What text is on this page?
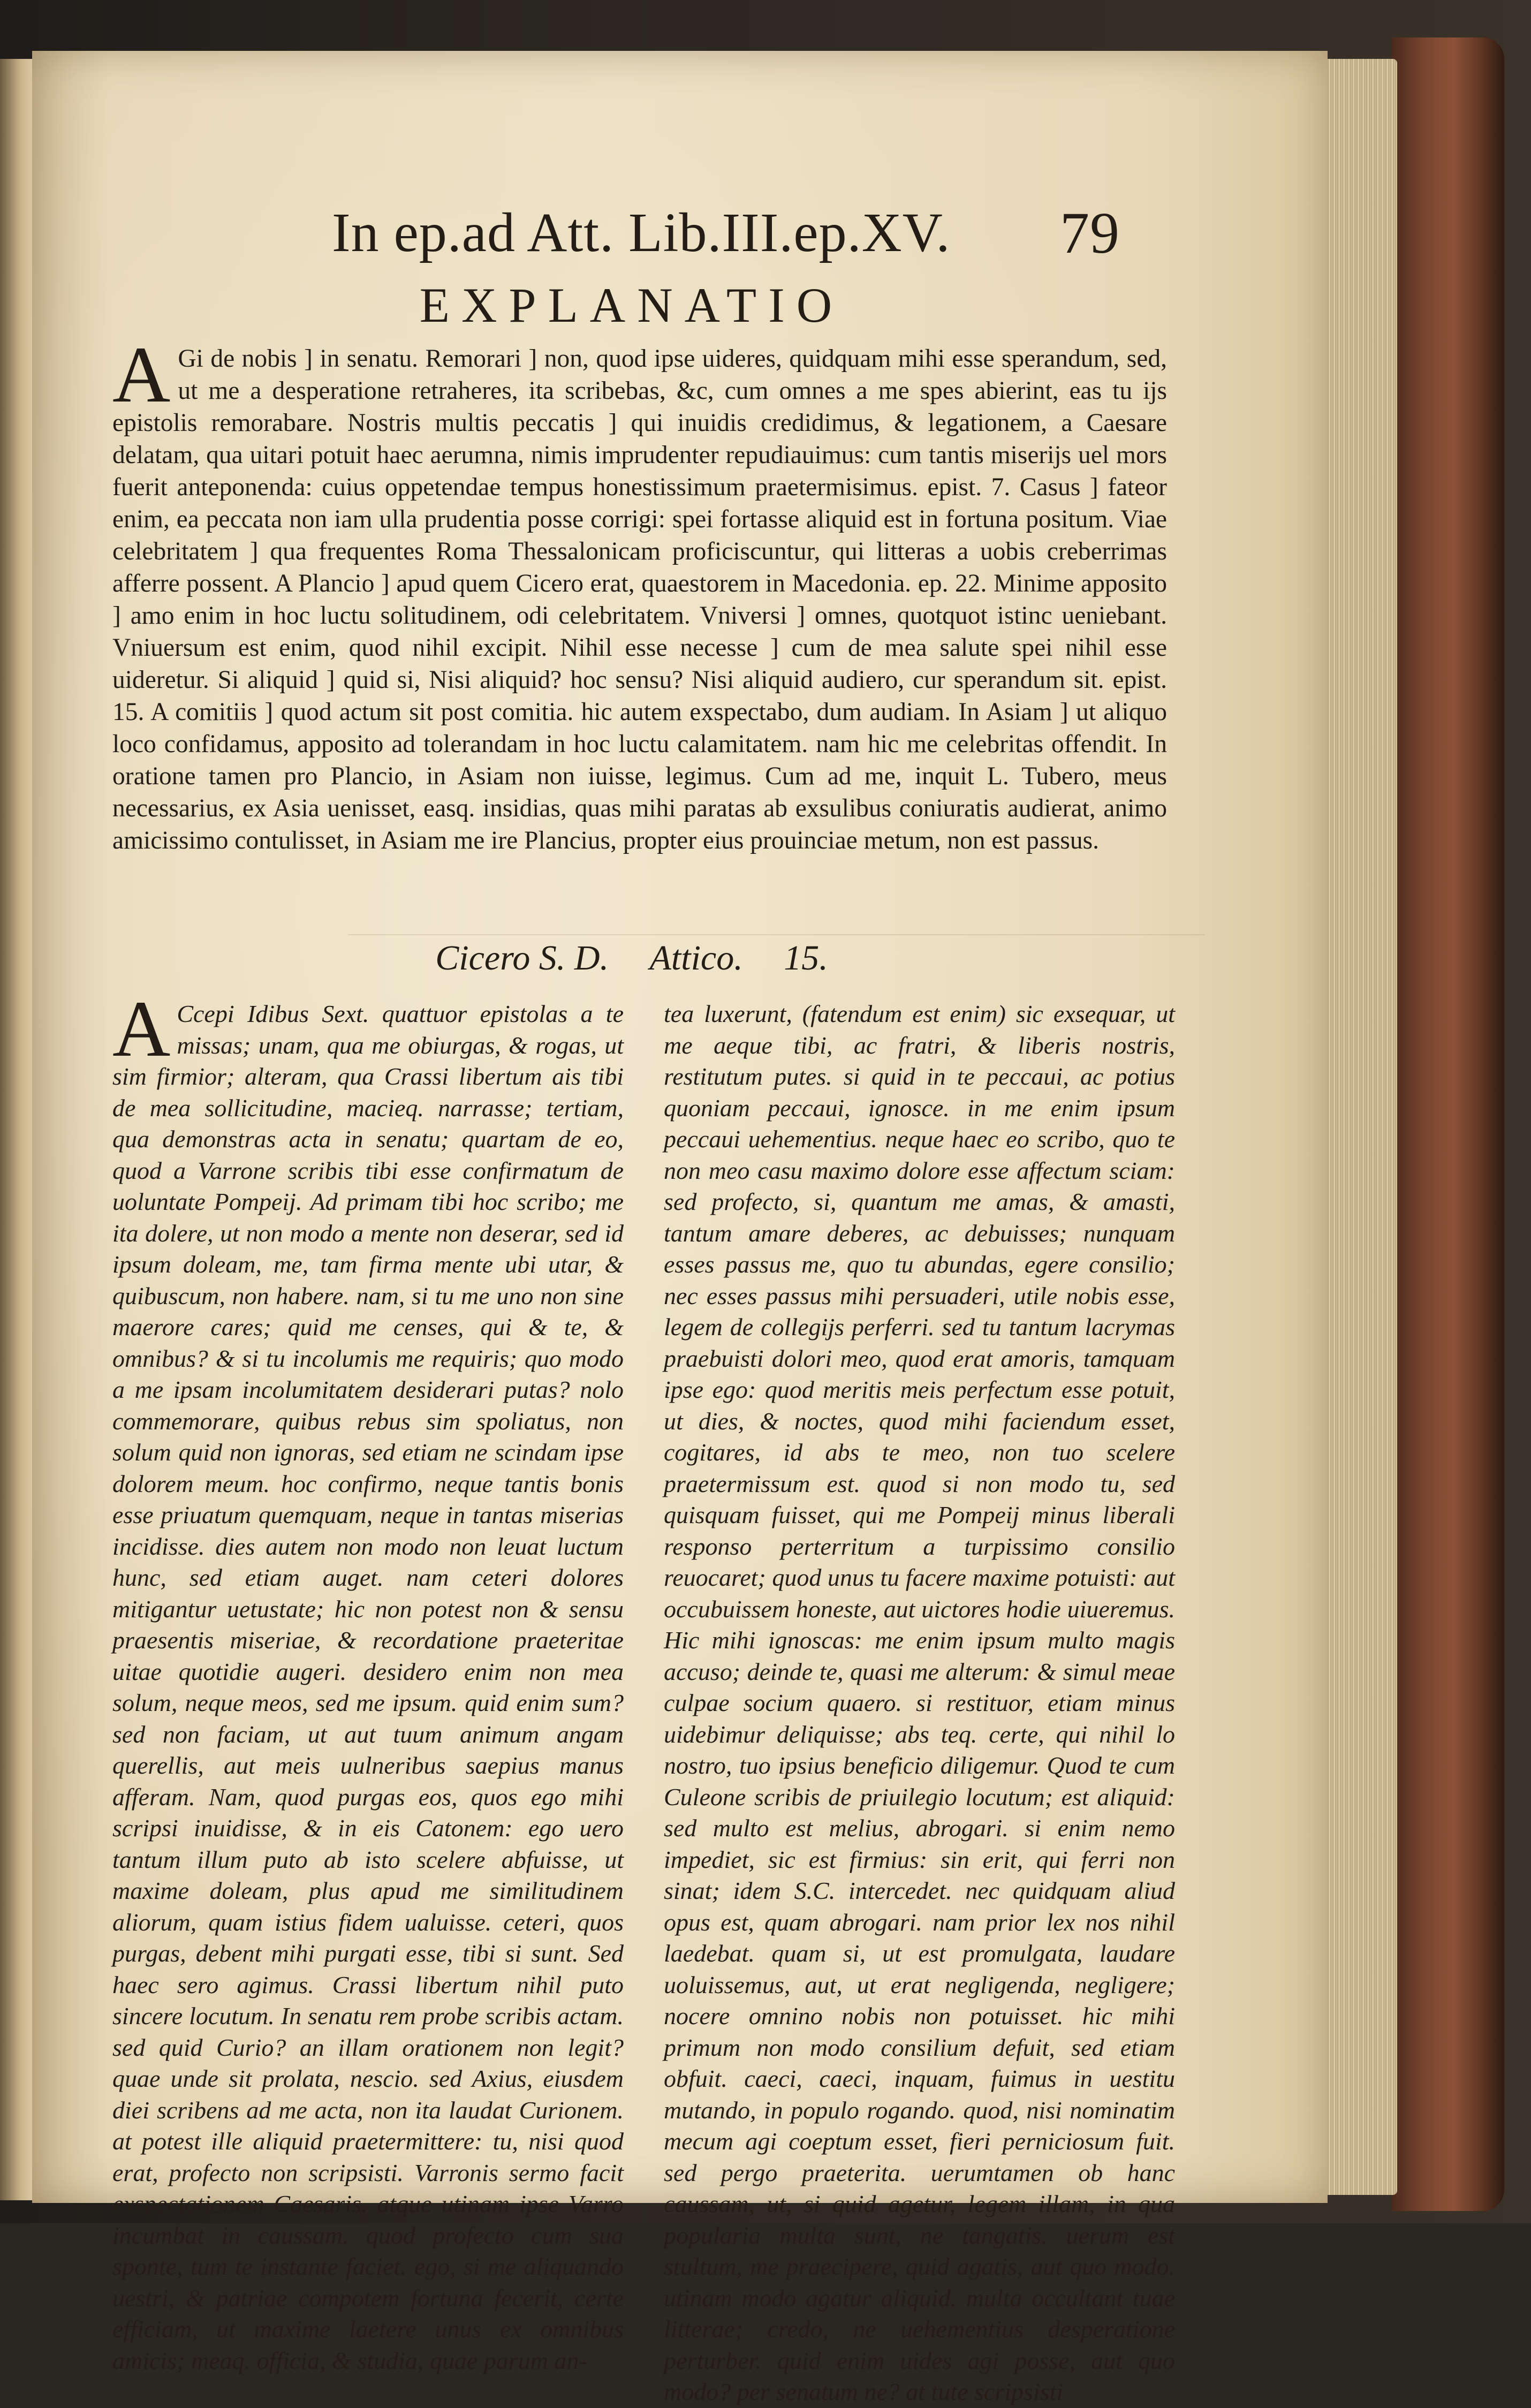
In ep.ad Att. Lib.III.ep.XV. 79
EXPLANATIO

A Gi de nobis ] in senatu. Remorari ] non, quod ipse uideres, quidquam mihi esse sperandum, sed, ut me a desperatione retraheres, ita scribebas, &c, cum omnes a me spes abierint, eas tu ijs epistolis remorabare. Nostris multis peccatis ] qui inuidis credidimus, & legationem, a Caesare delatam, qua uitari potuit haec aerumna, nimis imprudenter repudiauimus: cum tantis miserijs uel mors fuerit anteponenda: cuius oppetendae tempus honestissimum praetermisimus. epist. 7. Casus ] fateor enim, ea peccata non iam ulla prudentia posse corrigi: spei fortasse aliquid est in fortuna positum. Viae celebritatem ] qua frequentes Roma Thessalonicam proficiscuntur, qui litteras a uobis creberrimas afferre possent. A Plancio ] apud quem Cicero erat, quaestorem in Macedonia. ep. 22. Minime apposito ] amo enim in hoc luctu solitudinem, odi celebritatem. Vniversi ] omnes, quotquot istinc ueniebant. Vniuersum est enim, quod nihil excipit. Nihil esse necesse ] cum de mea salute spei nihil esse uideretur. Si aliquid ] quid si, Nisi aliquid? hoc sensu? Nisi aliquid audiero, cur sperandum sit. epist. 15. A comitiis ] quod actum sit post comitia. hic autem exspectabo, dum audiam. In Asiam ] ut aliquo loco confidamus, apposito ad tolerandam in hoc luctu calamitatem. nam hic me celebritas offendit. In oratione tamen pro Plancio, in Asiam non iuisse, legimus. Cum ad me, inquit L. Tubero, meus necessarius, ex Asia uenisset, easq. insidias, quas mihi paratas ab exsulibus coniuratis audierat, animo amicissimo contulisset, in Asiam me ire Plancius, propter eius prouinciae metum, non est passus.

Cicero S. D. Attico. 15.

A Ccepi Idibus Sext. quattuor epistolas a te missas; unam, qua me obiurgas, & rogas, ut sim firmior; alteram, qua Crassi libertum ais tibi de mea sollicitudine, macieq. narrasse; tertiam, qua demonstras acta in senatu; quartam de eo, quod a Varrone scribis tibi esse confirmatum de uoluntate Pompeij. Ad primam tibi hoc scribo; me ita dolere, ut non modo a mente non deserar, sed id ipsum doleam, me, tam firma mente ubi utar, & quibuscum, non habere. nam, si tu me uno non sine maerore cares; quid me censes, qui & te, & omnibus? & si tu incolumis me requiris; quo modo a me ipsam incolumitatem desiderari putas? nolo commemorare, quibus rebus sim spoliatus, non solum quid non ignoras, sed etiam ne scindam ipse dolorem meum. hoc confirmo, neque tantis bonis esse priuatum quemquam, neque in tantas miserias incidisse. dies autem non modo non leuat luctum hunc, sed etiam auget. nam ceteri dolores mitigantur uetustate; hic non potest non & sensu praesentis miseriae, & recordatione praeteritae uitae quotidie augeri. desidero enim non mea solum, neque meos, sed me ipsum. quid enim sum? sed non faciam, ut aut tuum animum angam querellis, aut meis uulneribus saepius manus afferam. Nam, quod purgas eos, quos ego mihi scripsi inuidisse, & in eis Catonem: ego uero tantum illum puto ab isto scelere abfuisse, ut maxime doleam, plus apud me similitudinem aliorum, quam istius fidem ualuisse. ceteri, quos purgas, debent mihi purgati esse, tibi si sunt. Sed haec sero agimus. Crassi libertum nihil puto sincere locutum. In senatu rem probe scribis actam. sed quid Curio? an illam orationem non legit? quae unde sit prolata, nescio. sed Axius, eiusdem diei scribens ad me acta, non ita laudat Curionem. at potest ille aliquid praetermittere: tu, nisi quod erat, profecto non scripsisti. Varronis sermo facit exspectationem Caesaris. atque utinam ipse Varro incumbat in caussam. quod profecto cum sua sponte, tum te instante faciet. ego, si me aliquando uestri, & patriae compotem fortuna fecerit, certe efficiam, ut maxime laetere unus ex omnibus amicis; meaq. officia, & studia, quae parum an-

tea luxerunt, (fatendum est enim) sic exsequar, ut me aeque tibi, ac fratri, & liberis nostris, restitutum putes. si quid in te peccaui, ac potius quoniam peccaui, ignosce. in me enim ipsum peccaui uehementius. neque haec eo scribo, quo te non meo casu maximo dolore esse affectum sciam: sed profecto, si, quantum me amas, & amasti, tantum amare deberes, ac debuisses; nunquam esses passus me, quo tu abundas, egere consilio; nec esses passus mihi persuaderi, utile nobis esse, legem de collegijs perferri. sed tu tantum lacrymas praebuisti dolori meo, quod erat amoris, tamquam ipse ego: quod meritis meis perfectum esse potuit, ut dies, & noctes, quod mihi faciendum esset, cogitares, id abs te meo, non tuo scelere praetermissum est. quod si non modo tu, sed quisquam fuisset, qui me Pompeij minus liberali responso perterritum a turpissimo consilio reuocaret; quod unus tu facere maxime potuisti: aut occubuissem honeste, aut uictores hodie uiueremus. Hic mihi ignoscas: me enim ipsum multo magis accuso; deinde te, quasi me alterum: & simul meae culpae socium quaero. si restituor, etiam minus uidebimur deliquisse; abs teq. certe, qui nihil lo nostro, tuo ipsius beneficio diligemur. Quod te cum Culeone scribis de priuilegio locutum; est aliquid: sed multo est melius, abrogari. si enim nemo impediet, sic est firmius: sin erit, qui ferri non sinat; idem S.C. intercedet. nec quidquam aliud opus est, quam abrogari. nam prior lex nos nihil laedebat. quam si, ut est promulgata, laudare uoluissemus, aut, ut erat negligenda, negligere; nocere omnino nobis non potuisset. hic mihi primum non modo consilium defuit, sed etiam obfuit. caeci, caeci, inquam, fuimus in uestitu mutando, in populo rogando. quod, nisi nominatim mecum agi coeptum esset, fieri perniciosum fuit. sed pergo praeterita. uerumtamen ob hanc caussam, ut, si quid agetur, legem illam, in qua popularia multa sunt, ne tangatis. uerum est stultum, me praecipere, quid agatis, aut quo modo. utinam modo agatur aliquid. multa occultant tuae litterae; credo, ne uehementius desperatione perturber. quid enim uides agi posse, aut quo modo? per senatum ne? at tute scripsisti
